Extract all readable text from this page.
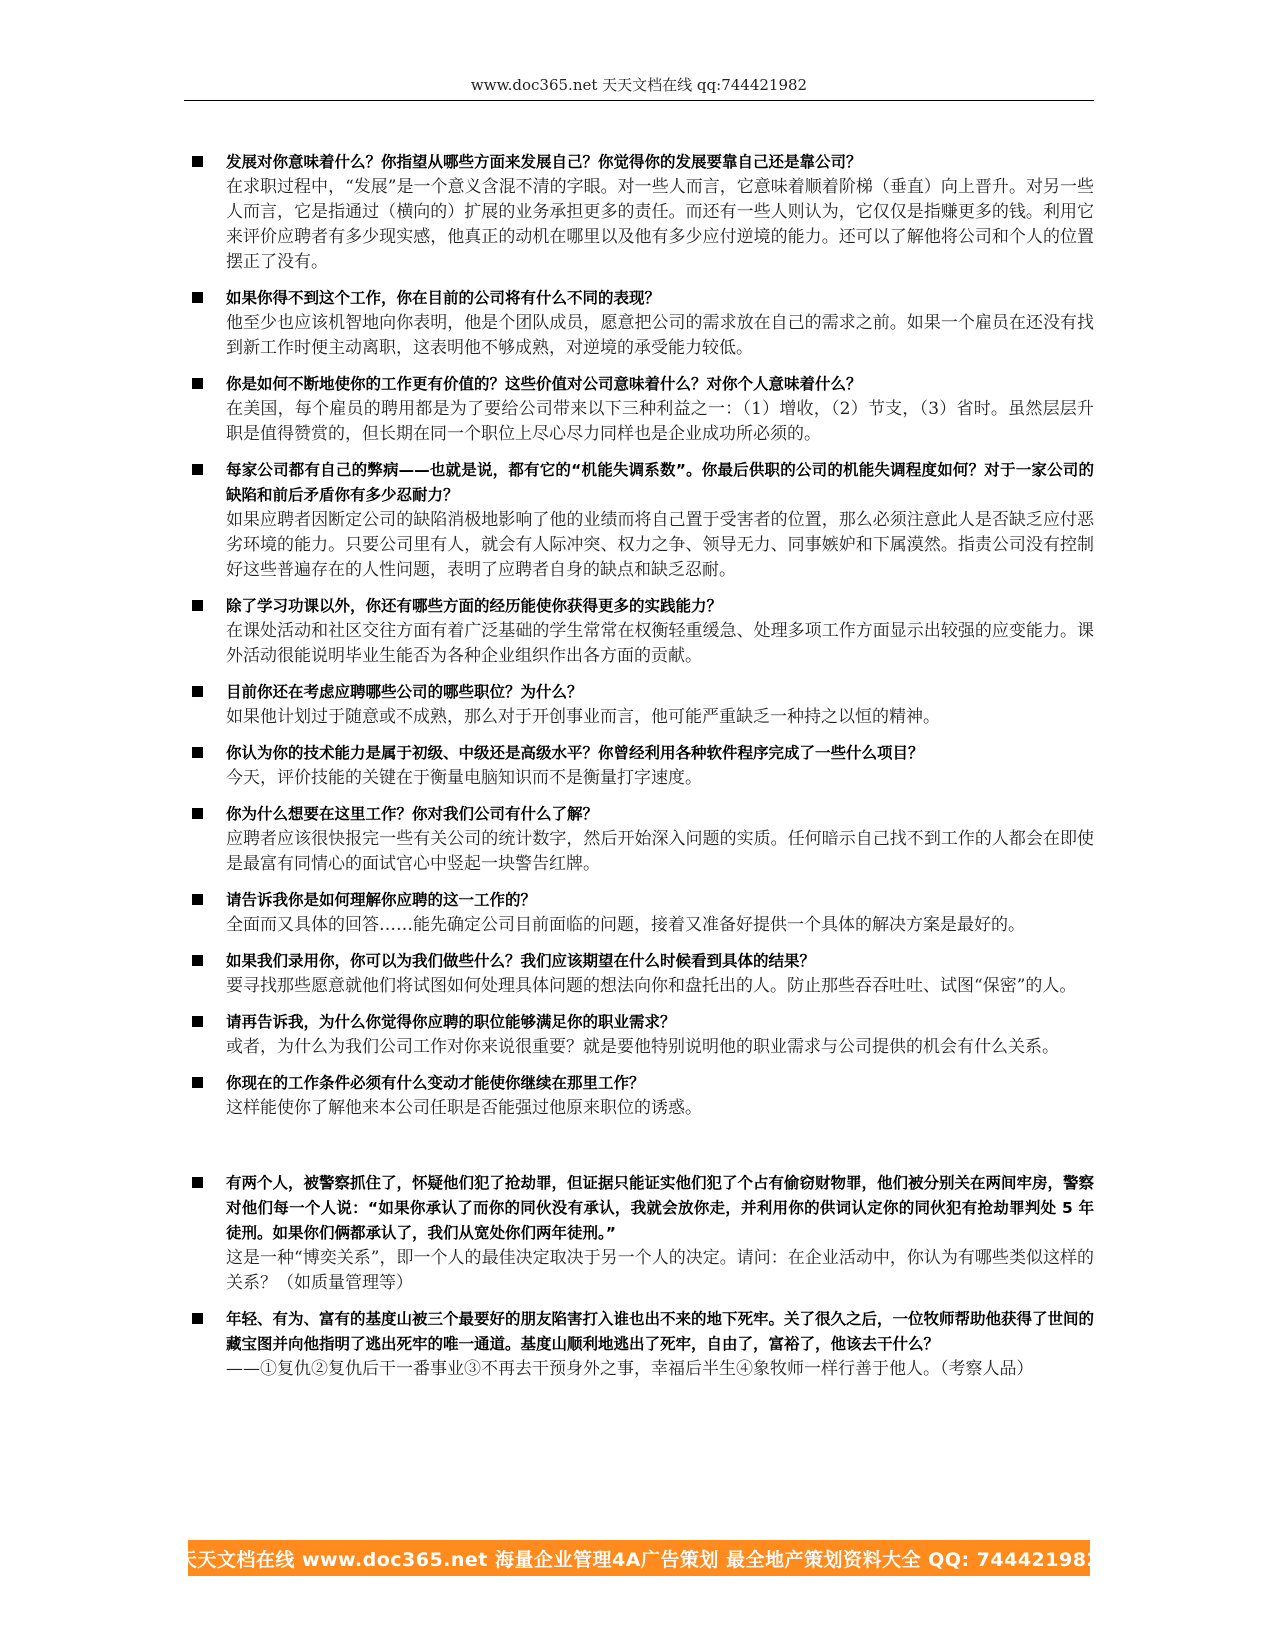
www.doc365.net 天天文档在线 qq:744421982
发展对你意味着什么？你指望从哪些方面来发展自己？你觉得你的发展要靠自己还是靠公司？
在求职过程中，“发展”是一个意义含混不清的字眼。对一些人而言，它意味着顺着阶梯（垂直）向上晋升。对另一些人而言，它是指通过（横向的）扩展的业务承担更多的责任。而还有一些人则认为，它仅仅是指赚更多的钱。利用它来评价应聘者有多少现实感，他真正的动机在哪里以及他有多少应付逆境的能力。还可以了解他将公司和个人的位置摆正了没有。
如果你得不到这个工作，你在目前的公司将有什么不同的表现？
他至少也应该机智地向你表明，他是个团队成员，愿意把公司的需求放在自己的需求之前。如果一个雇员在还没有找到新工作时便主动离职，这表明他不够成熟，对逆境的承受能力较低。
你是如何不断地使你的工作更有价值的？这些价值对公司意味着什么？对你个人意味着什么？
在美国，每个雇员的聘用都是为了要给公司带来以下三种利益之一：（1）增收，（2）节支，（3）省时。虽然层层升职是值得赞赏的，但长期在同一个职位上尽心尽力同样也是企业成功所必须的。
每家公司都有自己的弊病——也就是说，都有它的“机能失调系数”。你最后供职的公司的机能失调程度如何？对于一家公司的缺陷和前后矛盾你有多少忍耐力？
如果应聘者因断定公司的缺陷消极地影响了他的业绩而将自己置于受害者的位置，那么必须注意此人是否缺乏应付恶劣环境的能力。只要公司里有人，就会有人际冲突、权力之争、领导无力、同事嫉妒和下属漠然。指责公司没有控制好这些普遍存在的人性问题，表明了应聘者自身的缺点和缺乏忍耐。
除了学习功课以外，你还有哪些方面的经历能使你获得更多的实践能力？
在课处活动和社区交往方面有着广泛基础的学生常常在权衡轻重缓急、处理多项工作方面显示出较强的应变能力。课外活动很能说明毕业生能否为各种企业组织作出各方面的贡献。
目前你还在考虑应聘哪些公司的哪些职位？为什么？
如果他计划过于随意或不成熟，那么对于开创事业而言，他可能严重缺乏一种持之以恒的精神。
你认为你的技术能力是属于初级、中级还是高级水平？你曾经利用各种软件程序完成了一些什么项目？
今天，评价技能的关键在于衡量电脑知识而不是衡量打字速度。
你为什么想要在这里工作？你对我们公司有什么了解？
应聘者应该很快报完一些有关公司的统计数字，然后开始深入问题的实质。任何暗示自己找不到工作的人都会在即使是最富有同情心的面试官心中竖起一块警告红牌。
请告诉我你是如何理解你应聘的这一工作的？
全面而又具体的回答……能先确定公司目前面临的问题，接着又准备好提供一个具体的解决方案是最好的。
如果我们录用你，你可以为我们做些什么？我们应该期望在什么时候看到具体的结果？
要寻找那些愿意就他们将试图如何处理具体问题的想法向你和盘托出的人。防止那些吞吞吐吐、试图“保密”的人。
请再告诉我，为什么你觉得你应聘的职位能够满足你的职业需求？
或者，为什么为我们公司工作对你来说很重要？就是要他特别说明他的职业需求与公司提供的机会有什么关系。
你现在的工作条件必须有什么变动才能使你继续在那里工作？
这样能使你了解他来本公司任职是否能强过他原来职位的诱惑。
有两个人，被警察抓住了，怀疑他们犯了抢劫罪，但证据只能证实他们犯了个占有偷窃财物罪，他们被分别关在两间牢房，警察对他们每一个人说：“如果你承认了而你的同伙没有承认，我就会放你走，并利用你的供词认定你的同伙犯有抢劫罪判处 5 年徒刑。如果你们俩都承认了，我们从宽处你们两年徒刑。”
这是一种“博奕关系”，即一个人的最佳决定取决于另一个人的决定。请问：在企业活动中，你认为有哪些类似这样的关系？（如质量管理等）
年轻、有为、富有的基度山被三个最要好的朋友陷害打入谁也出不来的地下死牢。关了很久之后，一位牧师帮助他获得了世间的藏宝图并向他指明了逃出死牢的唯一通道。基度山顺利地逃出了死牢，自由了，富裕了，他该去干什么？
——①复仇②复仇后干一番事业③不再去干预身外之事，幸福后半生④象牧师一样行善于他人。（考察人品）
天天文档在线 www.doc365.net 海量企业管理4A广告策划 最全地产策划资料大全 QQ: 744421982
